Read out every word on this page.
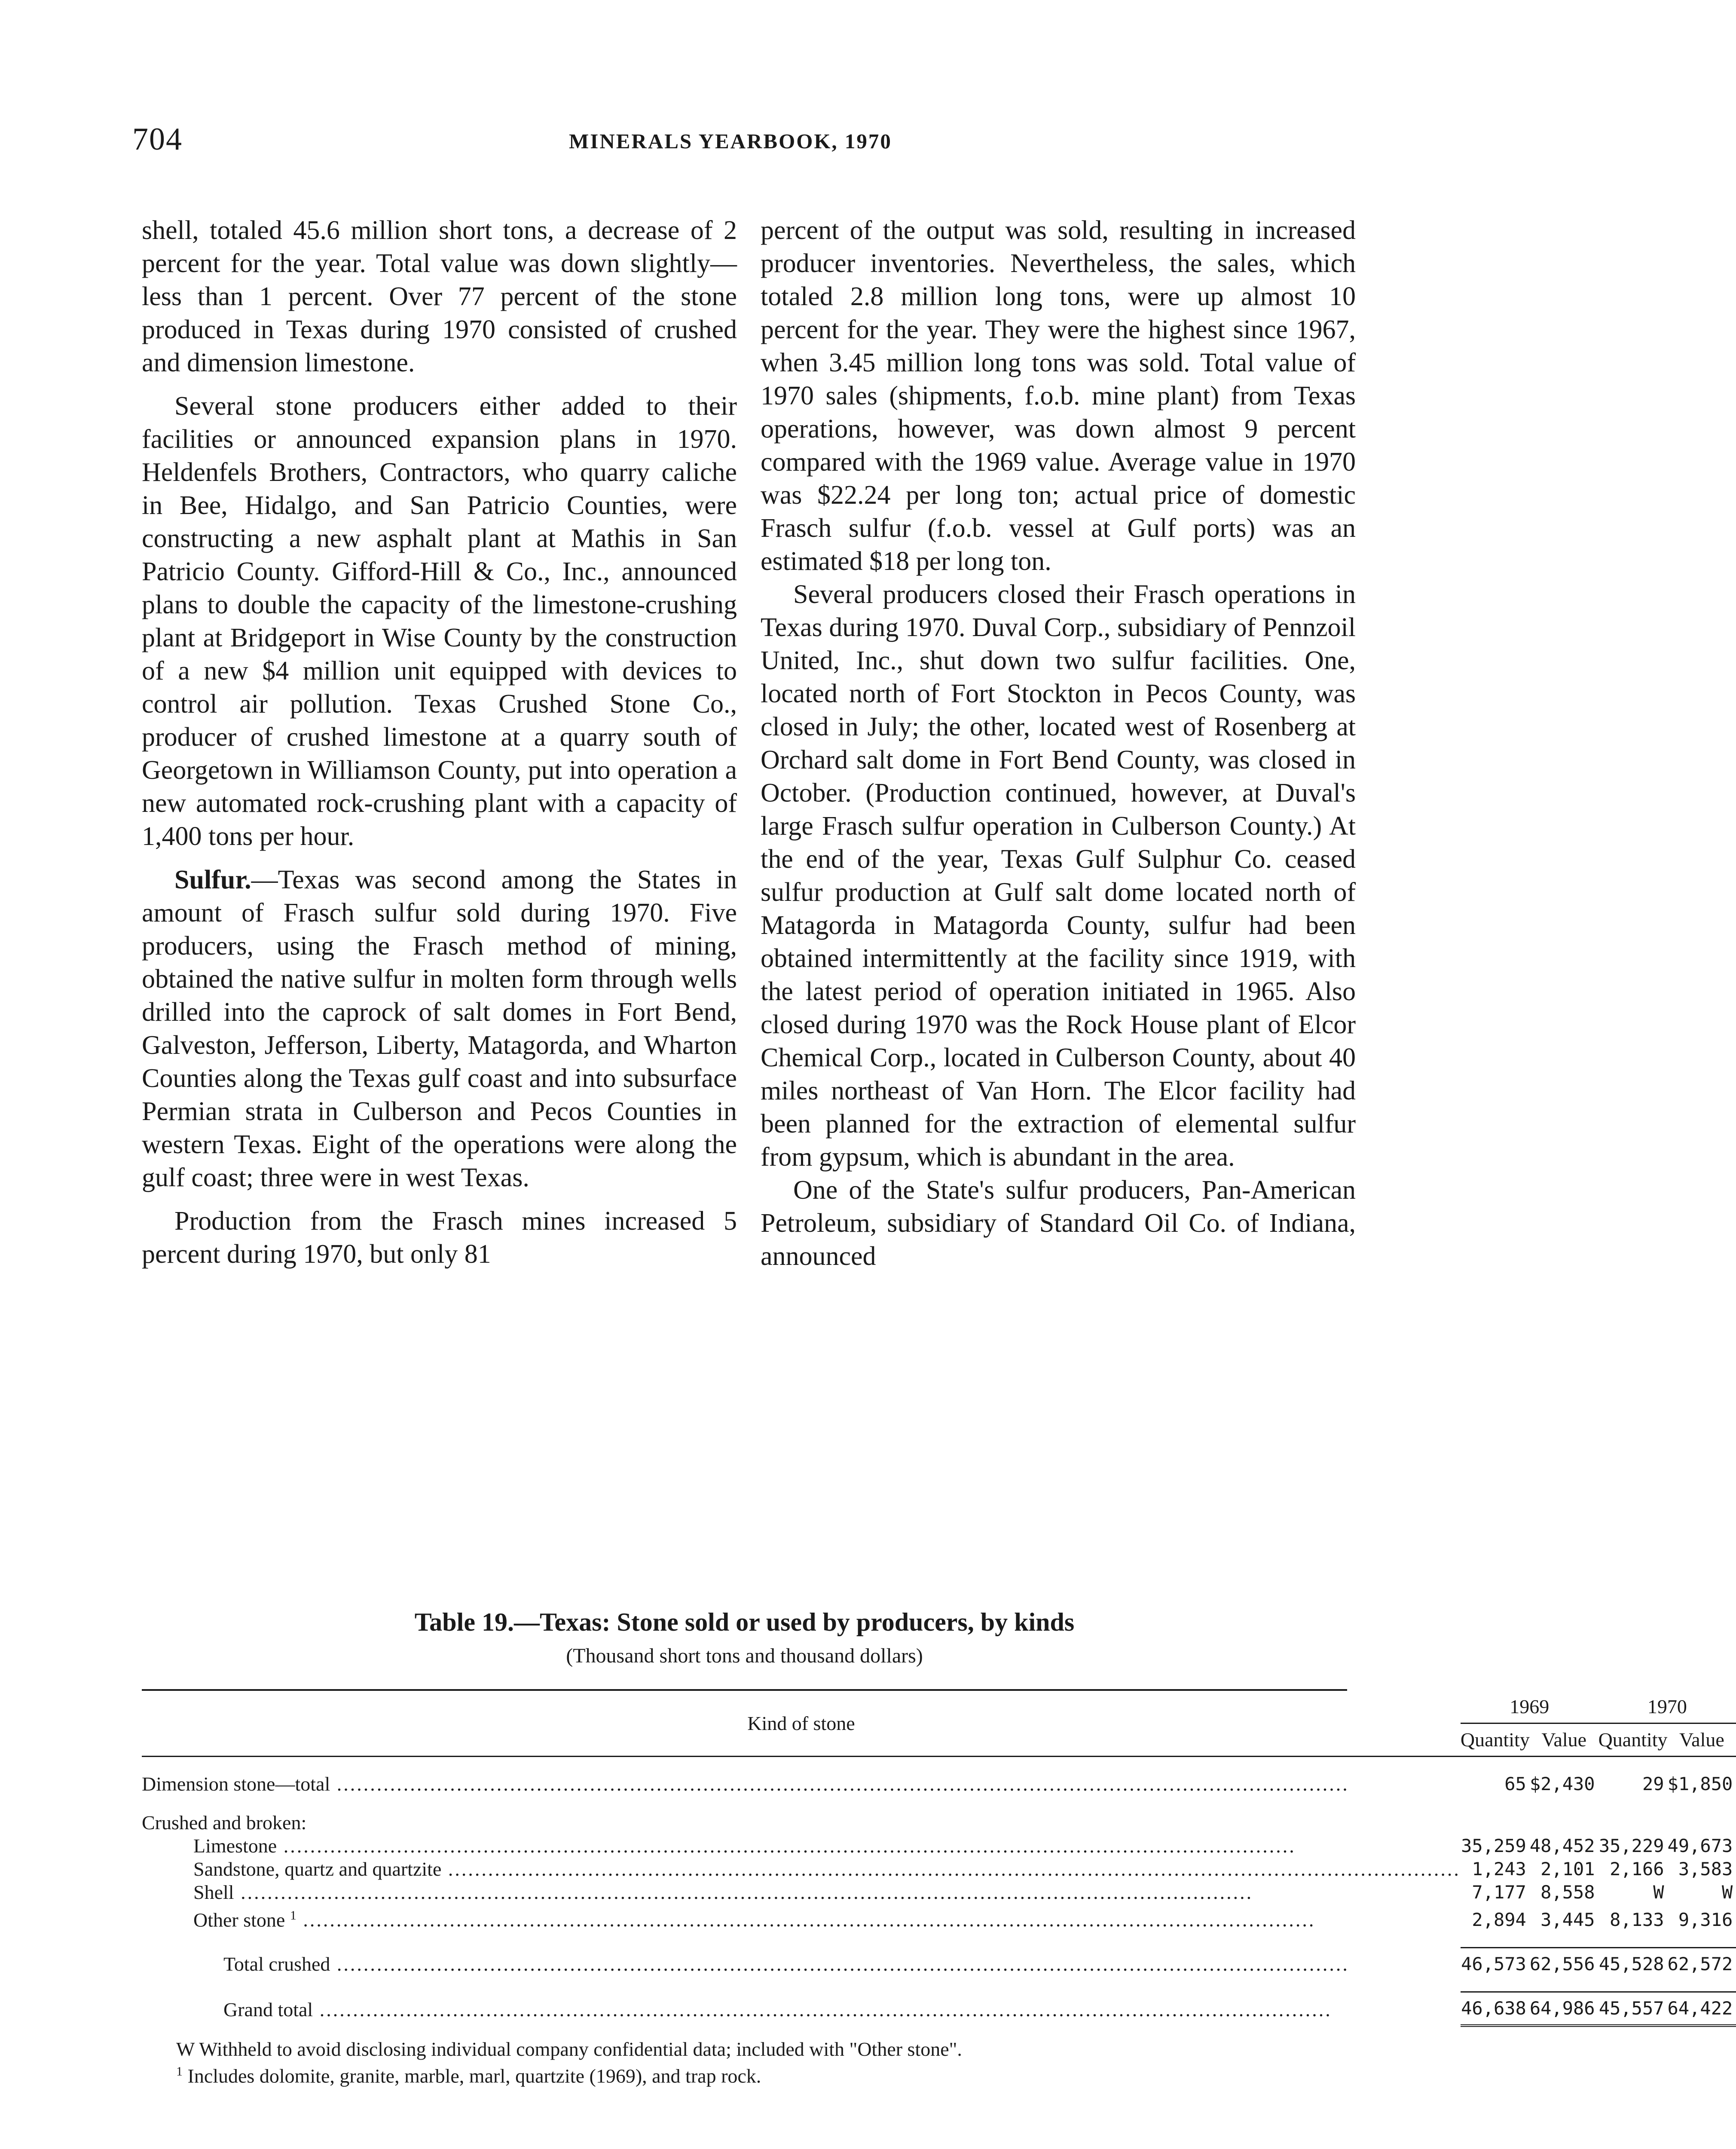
704	MINERALS YEARBOOK, 1970

shell, totaled 45.6 million short tons, a decrease of 2 percent for the year. Total value was down slightly—less than 1 percent. Over 77 percent of the stone produced in Texas during 1970 consisted of crushed and dimension limestone.

Several stone producers either added to their facilities or announced expansion plans in 1970. Heldenfels Brothers, Contractors, who quarry caliche in Bee, Hidalgo, and San Patricio Counties, were constructing a new asphalt plant at Mathis in San Patricio County. Gifford-Hill & Co., Inc., announced plans to double the capacity of the limestone-crushing plant at Bridgeport in Wise County by the construction of a new $4 million unit equipped with devices to control air pollution. Texas Crushed Stone Co., producer of crushed limestone at a quarry south of Georgetown in Williamson County, put into operation a new automated rock-crushing plant with a capacity of 1,400 tons per hour.

Sulfur.—Texas was second among the States in amount of Frasch sulfur sold during 1970. Five producers, using the Frasch method of mining, obtained the native sulfur in molten form through wells drilled into the caprock of salt domes in Fort Bend, Galveston, Jefferson, Liberty, Matagorda, and Wharton Counties along the Texas gulf coast and into subsurface Permian strata in Culberson and Pecos Counties in western Texas. Eight of the operations were along the gulf coast; three were in west Texas.

Production from the Frasch mines increased 5 percent during 1970, but only 81

percent of the output was sold, resulting in increased producer inventories. Nevertheless, the sales, which totaled 2.8 million long tons, were up almost 10 percent for the year. They were the highest since 1967, when 3.45 million long tons was sold. Total value of 1970 sales (shipments, f.o.b. mine plant) from Texas operations, however, was down almost 9 percent compared with the 1969 value. Average value in 1970 was $22.24 per long ton; actual price of domestic Frasch sulfur (f.o.b. vessel at Gulf ports) was an estimated $18 per long ton.

Several producers closed their Frasch operations in Texas during 1970. Duval Corp., subsidiary of Pennzoil United, Inc., shut down two sulfur facilities. One, located north of Fort Stockton in Pecos County, was closed in July; the other, located west of Rosenberg at Orchard salt dome in Fort Bend County, was closed in October. (Production continued, however, at Duval's large Frasch sulfur operation in Culberson County.) At the end of the year, Texas Gulf Sulphur Co. ceased sulfur production at Gulf salt dome located north of Matagorda in Matagorda County, sulfur had been obtained intermittently at the facility since 1919, with the latest period of operation initiated in 1965. Also closed during 1970 was the Rock House plant of Elcor Chemical Corp., located in Culberson County, about 40 miles northeast of Van Horn. The Elcor facility had been planned for the extraction of elemental sulfur from gypsum, which is abundant in the area.

One of the State's sulfur producers, Pan-American Petroleum, subsidiary of Standard Oil Co. of Indiana, announced

Table 19.—Texas: Stone sold or used by producers, by kinds

(Thousand short tons and thousand dollars)

Kind of stone	1969		1970	
	Quantity	Value	Quantity	Value

Dimension stone—total .....	65	$2,430	29	$1,850

Crushed and broken:				
Limestone .....	35,259	48,452	35,229	49,673
Sandstone, quartz and quartzite .....	1,243	2,101	2,166	3,583
Shell .....	7,177	8,558	W	W
Other stone $^1$ .....	2,894	3,445	8,133	9,316

Total crushed .....	46,573	62,556	45,528	62,572

Grand total .....	46,638	64,986	45,557	64,422

W Withheld to avoid disclosing individual company confidential data; included with "Other stone".

$^1$ Includes dolomite, granite, marble, marl, quartzite (1969), and trap rock.
